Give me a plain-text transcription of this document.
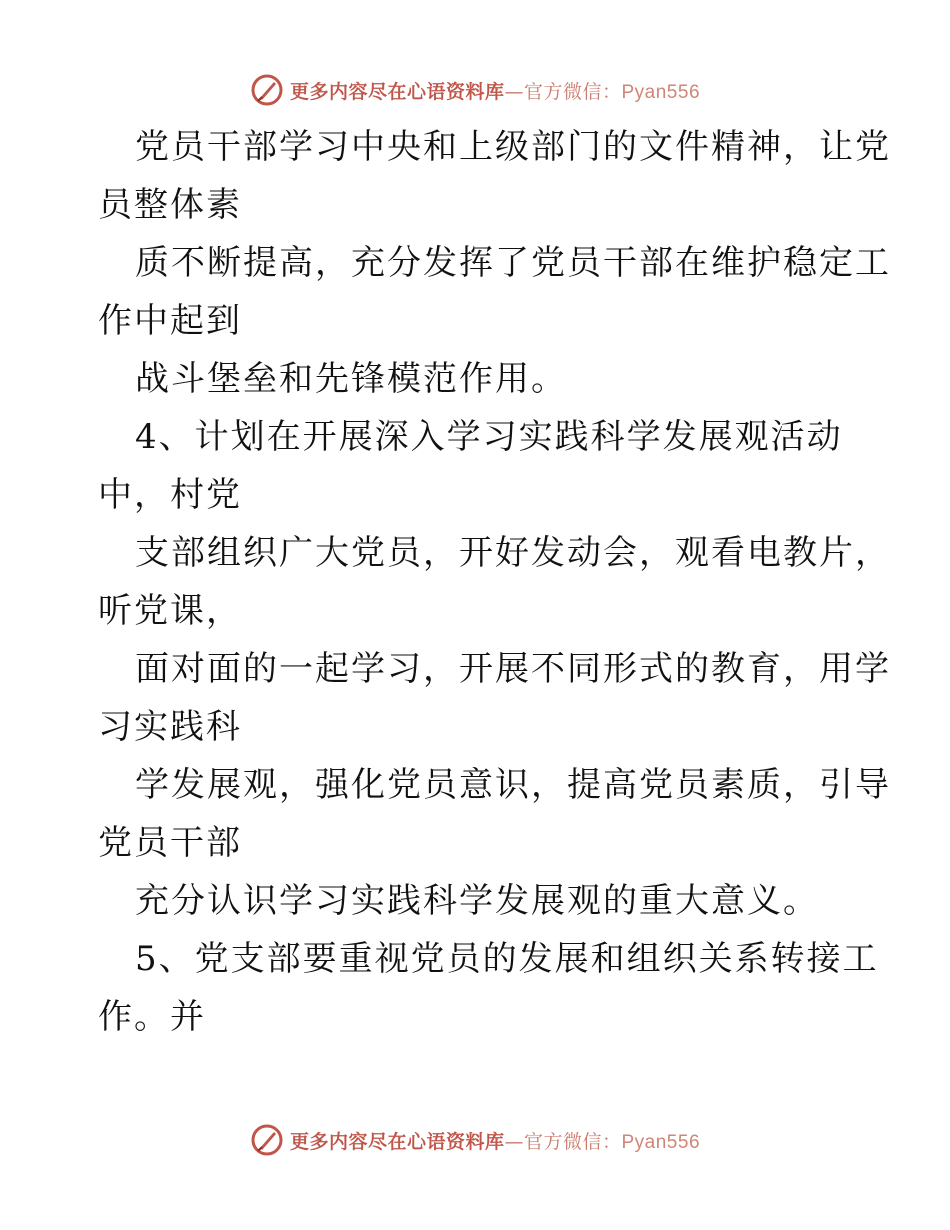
更多内容尽在心语资料库—官方微信：Pyan556
党员干部学习中央和上级部门的文件精神，让党
员整体素
质不断提高，充分发挥了党员干部在维护稳定工
作中起到
战斗堡垒和先锋模范作用。
4、计划在开展深入学习实践科学发展观活动
中，村党
支部组织广大党员，开好发动会，观看电教片，
听党课，
面对面的一起学习，开展不同形式的教育，用学
习实践科
学发展观，强化党员意识，提高党员素质，引导
党员干部
充分认识学习实践科学发展观的重大意义。
5、党支部要重视党员的发展和组织关系转接工
作。并
更多内容尽在心语资料库—官方微信：Pyan556
